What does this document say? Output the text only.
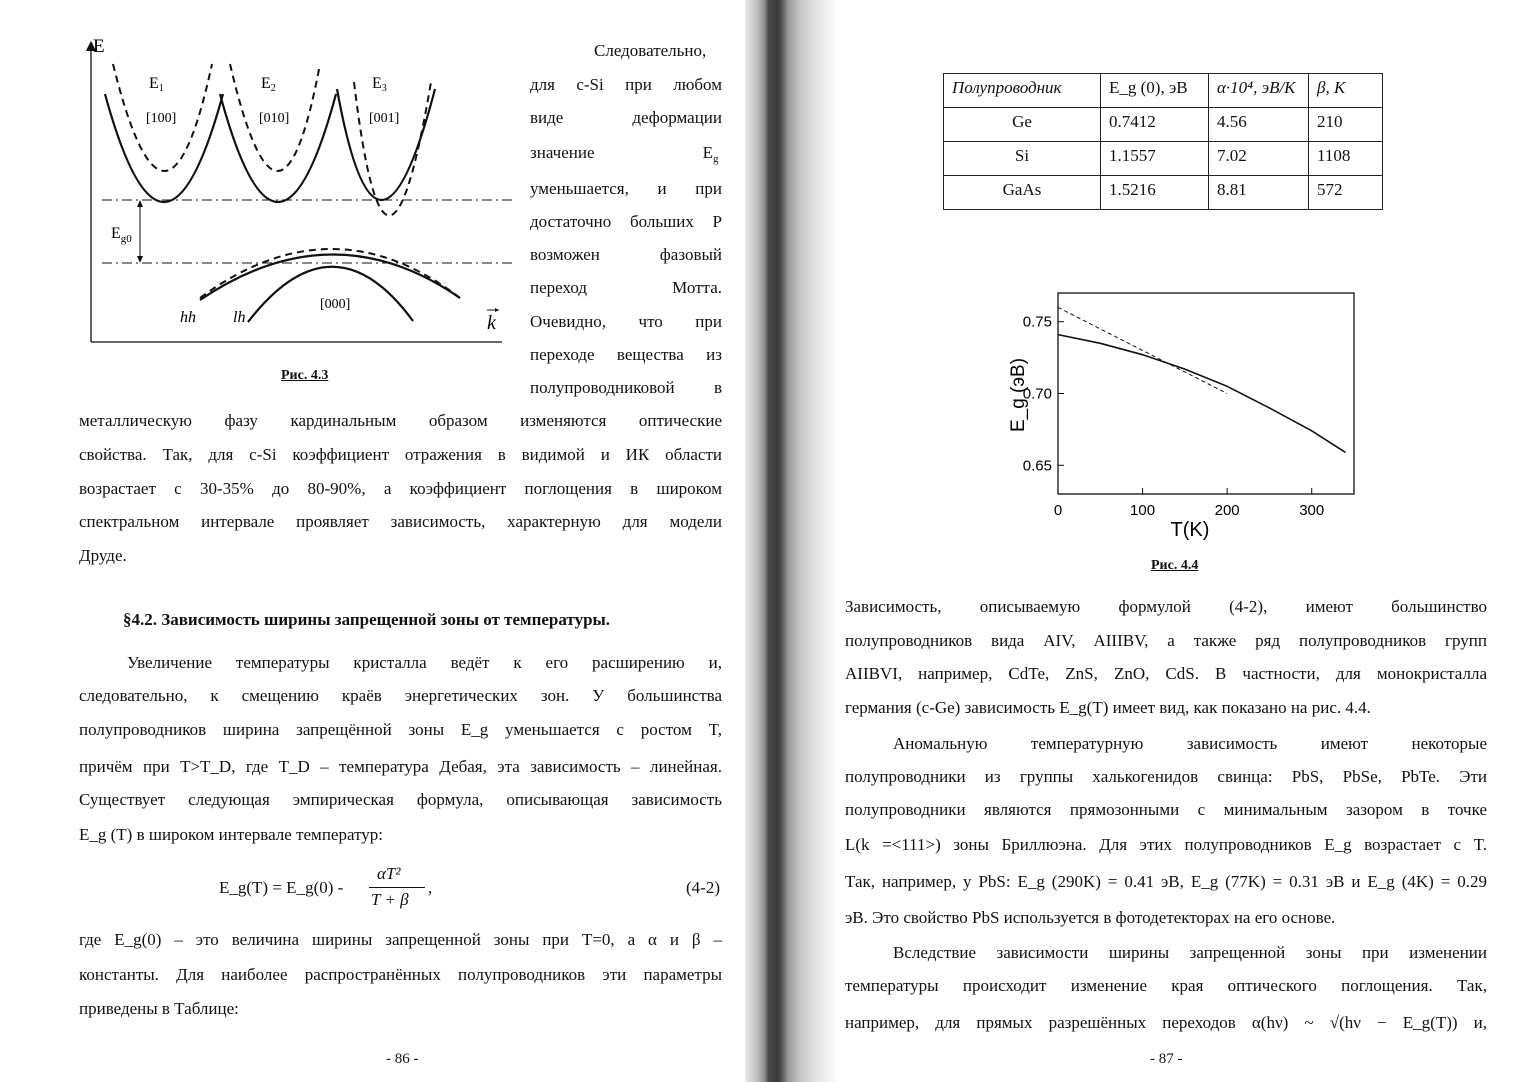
E
k
$E_{g0}$
E1	E2	E3
[100]	[010]	[001]
[000]
hh lh
Рис. 4.3
Следовательно,
для c-Si при любом
виде деформации
значение E g
уменьшается, и при
достаточно больших P
возможен фазовый
переход Мотта.
Очевидно, что при
переходе вещества из
полупроводниковой в
металлическую фазу кардинальным образом изменяются оптические
свойства. Так, для c-Si коэффициент отражения в видимой и ИК области
возрастает с 30-35% до 80-90%, а коэффициент поглощения в широком
спектральном интервале проявляет зависимость, характерную для модели
Друде.
§4.2. Зависимость ширины запрещенной зоны от температуры.
Увеличение температуры кристалла ведёт к его расширению и,
следовательно, к смещению краёв энергетических зон. У большинства
полупроводников ширина запрещённой зоны E_g уменьшается с ростом T,
причём при T>T_D, где T_D – температура Дебая, эта зависимость – линейная.
Существует следующая эмпирическая формула, описывающая зависимость
E_g (T) в широком интервале температур:
E_g(T) = E_g(0) -
αT²
T + β
,	(4-2)
где E_g(0) – это величина ширины запрещенной зоны при T=0, а α и β –
константы. Для наиболее распространённых полупроводников эти параметры
приведены в Таблице:
- 86 -
Полупроводник	E_g (0), эВ	α·10⁴, эВ/К	β, К
Ge	0.7412	4.56	210
Si	1.1557	7.02	1108
GaAs	1.5216	8.81	572
0	100	200	300
0.65
0.70
0.75
T(K)
E_g (эВ)
Рис. 4.4
Зависимость, описываемую формулой (4-2), имеют большинство
полупроводников вида AIV, AIIIBV, а также ряд полупроводников групп
AIIBVI, например, CdTe, ZnS, ZnO, CdS. В частности, для монокристалла
германия (c-Ge) зависимость E_g(T) имеет вид, как показано на рис. 4.4.
Аномальную температурную зависимость имеют некоторые
полупроводники из группы халькогенидов свинца: PbS, PbSe, PbTe. Эти
полупроводники являются прямозонными с минимальным зазором в точке
L(k =<111>) зоны Бриллюэна. Для этих полупроводников E_g возрастает с T.
Так, например, у PbS: E_g (290K) = 0.41 эВ, E_g (77K) = 0.31 эВ и E_g (4K) = 0.29
эВ. Это свойство PbS используется в фотодетекторах на его основе.
Вследствие зависимости ширины запрещенной зоны при изменении
температуры происходит изменение края оптического поглощения. Так,
например, для прямых разрешённых переходов α(hν) ~ √(hν − E_g(T)) и,
- 87 -
